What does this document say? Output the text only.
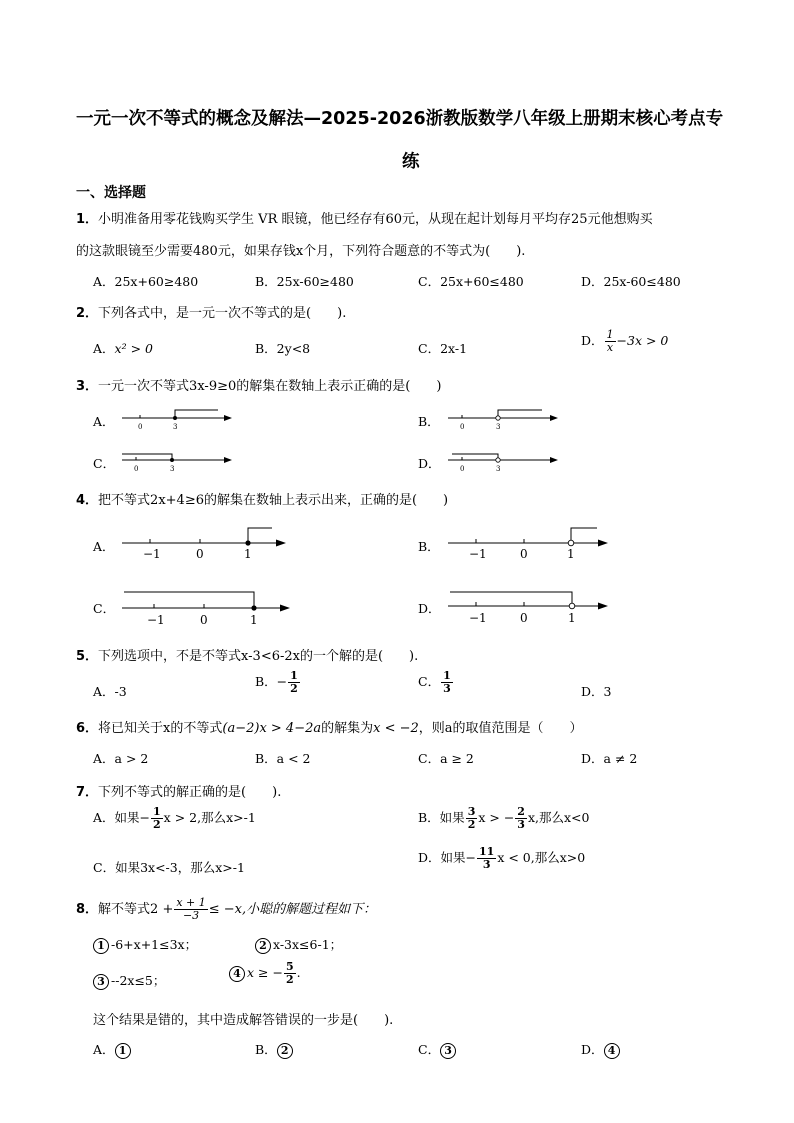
一元一次不等式的概念及解法—2025-2026浙教版数学八年级上册期末核心考点专
练
一、选择题
1．小明准备用零花钱购买学生 VR 眼镜，他已经存有60元，从现在起计划每月平均存25元他想购买
的这款眼镜至少需要480元，如果存钱x个月，下列符合题意的不等式为(　　).
A．25x+60≥480	B．25x-60≥480	C．25x+60≤480	D．25x-60≤480
2．下列各式中，是一元一次不等式的是(　　).
A．x² > 0	B．2y<8	C．2x-1
D． $\frac{1}{x} -3x > 0$
3．一元一次不等式3x-9≥0的解集在数轴上表示正确的是(　　)
A．	B．
C．	D．
0	3	0	3
0	3	0	3
4．把不等式2x+4≥6的解集在数轴上表示出来，正确的是(　　)
A．	B．
C．	D．
−1	0	1	−1	0	1
−1	0	1	−1	0	1
5．下列选项中，不是不等式x-3<6-2x的一个解的是(　　).
A．-3
B．− $\frac{1}{2}$	C． $\frac{1}{3}$	D．3
6．将已知关于x的不等式(a−2)x > 4−2a的解集为x < −2，则a的取值范围是（　　）
A．a > 2	B．a < 2	C．a ≥ 2	D．a ≠ 2
7．下列不等式的解正确的是(　　).
A．如果− $\frac{1}{2}$ x > 2,那么x>-1	B．如果 $\frac{3}{2}$ x > − $\frac{2}{3} x$,那么x<0
C．如果3x<-3，那么x>-1
D．如果− $\frac{11}{3}$ x < 0,那么x>0
8．解不等式$2 + \frac{x + 1}{-3} \le -x$,小聪的解题过程如下：
1 -6+x+1≤3x；	2 x-3x≤6-1；
3 --2x≤5；	4 x ≥ − $\frac{5}{2}$ .
这个结果是错的，其中造成解答错误的一步是(　　).
A． 1	B． 2	C． 3	D． 4
